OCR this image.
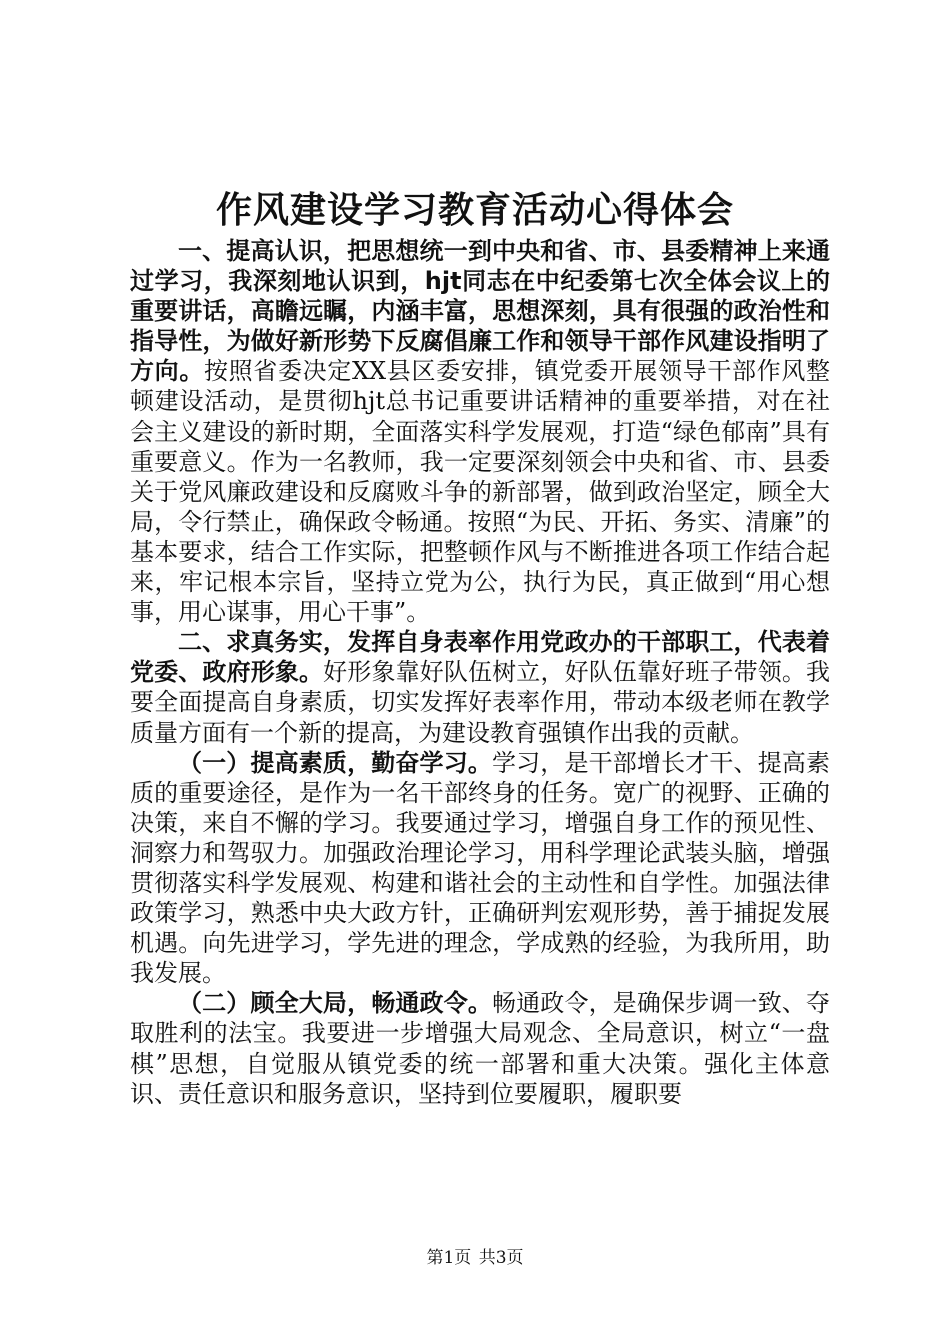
作风建设学习教育活动心得体会

一、提高认识，把思想统一到中央和省、市、县委精神上来通过学习，我深刻地认识到，hjt同志在中纪委第七次全体会议上的重要讲话，高瞻远瞩，内涵丰富，思想深刻，具有很强的政治性和指导性，为做好新形势下反腐倡廉工作和领导干部作风建设指明了方向。按照省委决定XX县区委安排，镇党委开展领导干部作风整顿建设活动，是贯彻hjt总书记重要讲话精神的重要举措，对在社会主义建设的新时期，全面落实科学发展观，打造“绿色郁南”具有重要意义。作为一名教师，我一定要深刻领会中央和省、市、县委关于党风廉政建设和反腐败斗争的新部署，做到政治坚定，顾全大局，令行禁止，确保政令畅通。按照“为民、开拓、务实、清廉”的基本要求，结合工作实际，把整顿作风与不断推进各项工作结合起来，牢记根本宗旨，坚持立党为公，执行为民，真正做到“用心想事，用心谋事，用心干事”。

二、求真务实，发挥自身表率作用党政办的干部职工，代表着党委、政府形象。好形象靠好队伍树立，好队伍靠好班子带领。我要全面提高自身素质，切实发挥好表率作用，带动本级老师在教学质量方面有一个新的提高，为建设教育强镇作出我的贡献。

（一）提高素质，勤奋学习。学习，是干部增长才干、提高素质的重要途径，是作为一名干部终身的任务。宽广的视野、正确的决策，来自不懈的学习。我要通过学习，增强自身工作的预见性、洞察力和驾驭力。加强政治理论学习，用科学理论武装头脑，增强贯彻落实科学发展观、构建和谐社会的主动性和自学性。加强法律政策学习，熟悉中央大政方针，正确研判宏观形势，善于捕捉发展机遇。向先进学习，学先进的理念，学成熟的经验，为我所用，助我发展。

（二）顾全大局，畅通政令。畅通政令，是确保步调一致、夺取胜利的法宝。我要进一步增强大局观念、全局意识，树立“一盘棋”思想，自觉服从镇党委的统一部署和重大决策。强化主体意识、责任意识和服务意识，坚持到位要履职，履职要

第1页 共3页
